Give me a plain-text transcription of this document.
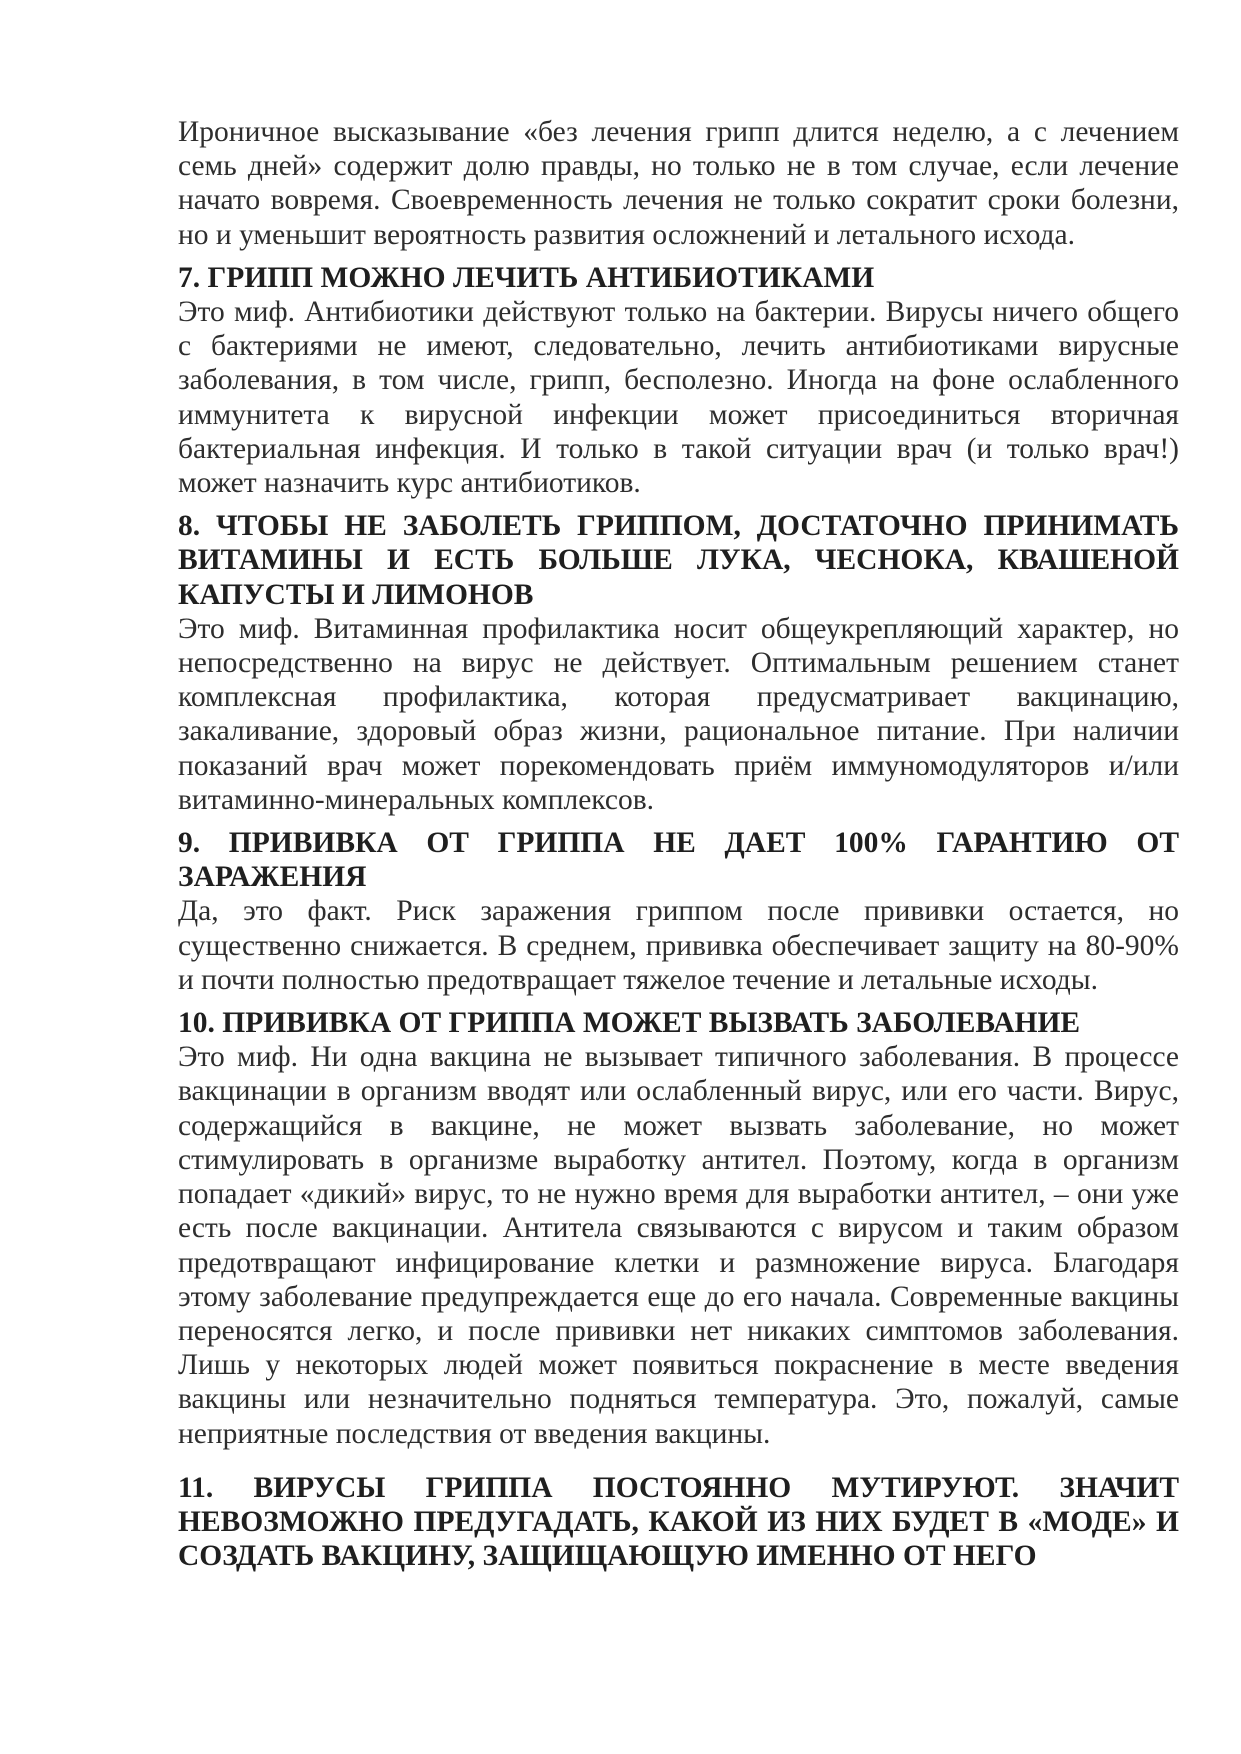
Ироничное высказывание «без лечения грипп длится неделю, а с лечением семь дней» содержит долю правды, но только не в том случае, если лечение начато вовремя. Своевременность лечения не только сократит сроки болезни, но и уменьшит вероятность развития осложнений и летального исхода.

7. ГРИПП МОЖНО ЛЕЧИТЬ АНТИБИОТИКАМИ

Это миф. Антибиотики действуют только на бактерии. Вирусы ничего общего с бактериями не имеют, следовательно, лечить антибиотиками вирусные заболевания, в том числе, грипп, бесполезно. Иногда на фоне ослабленного иммунитета к вирусной инфекции может присоединиться вторичная бактериальная инфекция. И только в такой ситуации врач (и только врач!) может назначить курс антибиотиков.

8. ЧТОБЫ НЕ ЗАБОЛЕТЬ ГРИППОМ, ДОСТАТОЧНО ПРИНИМАТЬ ВИТАМИНЫ И ЕСТЬ БОЛЬШЕ ЛУКА, ЧЕСНОКА, КВАШЕНОЙ КАПУСТЫ И ЛИМОНОВ

Это миф. Витаминная профилактика носит общеукрепляющий характер, но непосредственно на вирус не действует. Оптимальным решением станет комплексная профилактика, которая предусматривает вакцинацию, закаливание, здоровый образ жизни, рациональное питание. При наличии показаний врач может порекомендовать приём иммуномодуляторов и/или витаминно-минеральных комплексов.

9. ПРИВИВКА ОТ ГРИППА НЕ ДАЕТ 100% ГАРАНТИЮ ОТ ЗАРАЖЕНИЯ

Да, это факт. Риск заражения гриппом после прививки остается, но существенно снижается. В среднем, прививка обеспечивает защиту на 80-90% и почти полностью предотвращает тяжелое течение и летальные исходы.

10. ПРИВИВКА ОТ ГРИППА МОЖЕТ ВЫЗВАТЬ ЗАБОЛЕВАНИЕ

Это миф. Ни одна вакцина не вызывает типичного заболевания. В процессе вакцинации в организм вводят или ослабленный вирус, или его части. Вирус, содержащийся в вакцине, не может вызвать заболевание, но может стимулировать в организме выработку антител. Поэтому, когда в организм попадает «дикий» вирус, то не нужно время для выработки антител, – они уже есть после вакцинации. Антитела связываются с вирусом и таким образом предотвращают инфицирование клетки и размножение вируса. Благодаря этому заболевание предупреждается еще до его начала. Современные вакцины переносятся легко, и после прививки нет никаких симптомов заболевания. Лишь у некоторых людей может появиться покраснение в месте введения вакцины или незначительно подняться температура. Это, пожалуй, самые неприятные последствия от введения вакцины.

11. ВИРУСЫ ГРИППА ПОСТОЯННО МУТИРУЮТ. ЗНАЧИТ НЕВОЗМОЖНО ПРЕДУГАДАТЬ, КАКОЙ ИЗ НИХ БУДЕТ В «МОДЕ» И СОЗДАТЬ ВАКЦИНУ, ЗАЩИЩАЮЩУЮ ИМЕННО ОТ НЕГО
